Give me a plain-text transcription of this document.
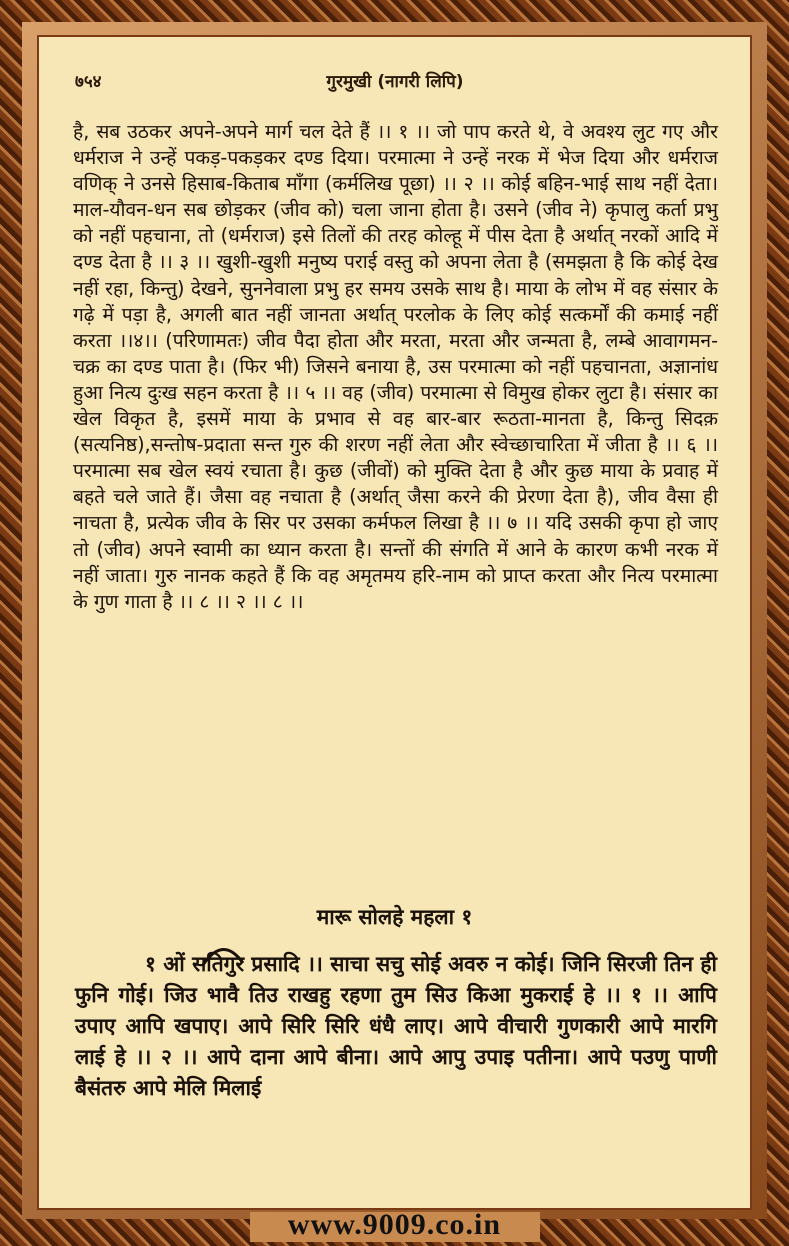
७५४	गुरमुखी (नागरी लिपि)

है, सब उठकर अपने-अपने मार्ग चल देते हैं ।। १ ।। जो पाप करते थे, वे अवश्य लुट गए और धर्मराज ने उन्हें पकड़-पकड़कर दण्ड दिया। परमात्मा ने उन्हें नरक में भेज दिया और धर्मराज वणिक् ने उनसे हिसाब-किताब माँगा (कर्मलिख पूछा) ।। २ ।। कोई बहिन-भाई साथ नहीं देता। माल-यौवन-धन सब छोड़कर (जीव को) चला जाना होता है। उसने (जीव ने) कृपालु कर्ता प्रभु को नहीं पहचाना, तो (धर्मराज) इसे तिलों की तरह कोल्हू में पीस देता है अर्थात् नरकों आदि में दण्ड देता है ।। ३ ।। खुशी-खुशी मनुष्य पराई वस्तु को अपना लेता है (समझता है कि कोई देख नहीं रहा, किन्तु) देखने, सुननेवाला प्रभु हर समय उसके साथ है। माया के लोभ में वह संसार के गढ़े में पड़ा है, अगली बात नहीं जानता अर्थात् परलोक के लिए कोई सत्कर्मों की कमाई नहीं करता ।।४।। (परिणामतः) जीव पैदा होता और मरता, मरता और जन्मता है, लम्बे आवागमन-चक्र का दण्ड पाता है। (फिर भी) जिसने बनाया है, उस परमात्मा को नहीं पहचानता, अज्ञानांध हुआ नित्य दुःख सहन करता है ।। ५ ।। वह (जीव) परमात्मा से विमुख होकर लुटा है। संसार का खेल विकृत है, इसमें माया के प्रभाव से वह बार-बार रूठता-मानता है, किन्तु सिदक़ (सत्यनिष्ठ),सन्तोष-प्रदाता सन्त गुरु की शरण नहीं लेता और स्वेच्छाचारिता में जीता है ।। ६ ।। परमात्मा सब खेल स्वयं रचाता है। कुछ (जीवों) को मुक्ति देता है और कुछ माया के प्रवाह में बहते चले जाते हैं। जैसा वह नचाता है (अर्थात् जैसा करने की प्रेरणा देता है), जीव वैसा ही नाचता है, प्रत्येक जीव के सिर पर उसका कर्मफल लिखा है ।। ७ ।। यदि उसकी कृपा हो जाए तो (जीव) अपने स्वामी का ध्यान करता है। सन्तों की संगति में आने के कारण कभी नरक में नहीं जाता। गुरु नानक कहते हैं कि वह अमृतमय हरि-नाम को प्राप्त करता और नित्य परमात्मा के गुण गाता है ।। ८ ।। २ ।। ८ ।।

मारू सोलहे महला १

१ ओं सतिगुर प्रसादि ।। साचा सचु सोई अवरु न कोई। जिनि सिरजी तिन ही फुनि गोई। जिउ भावै तिउ राखहु रहणा तुम सिउ किआ मुकराई हे ।। १ ।। आपि उपाए आपि खपाए। आपे सिरि सिरि धंधै लाए। आपे वीचारी गुणकारी आपे मारगि लाई हे ।। २ ।। आपे दाना आपे बीना। आपे आपु उपाइ पतीना। आपे पउणु पाणी बैसंतरु आपे मेलि मिलाई

www.9009.co.in
